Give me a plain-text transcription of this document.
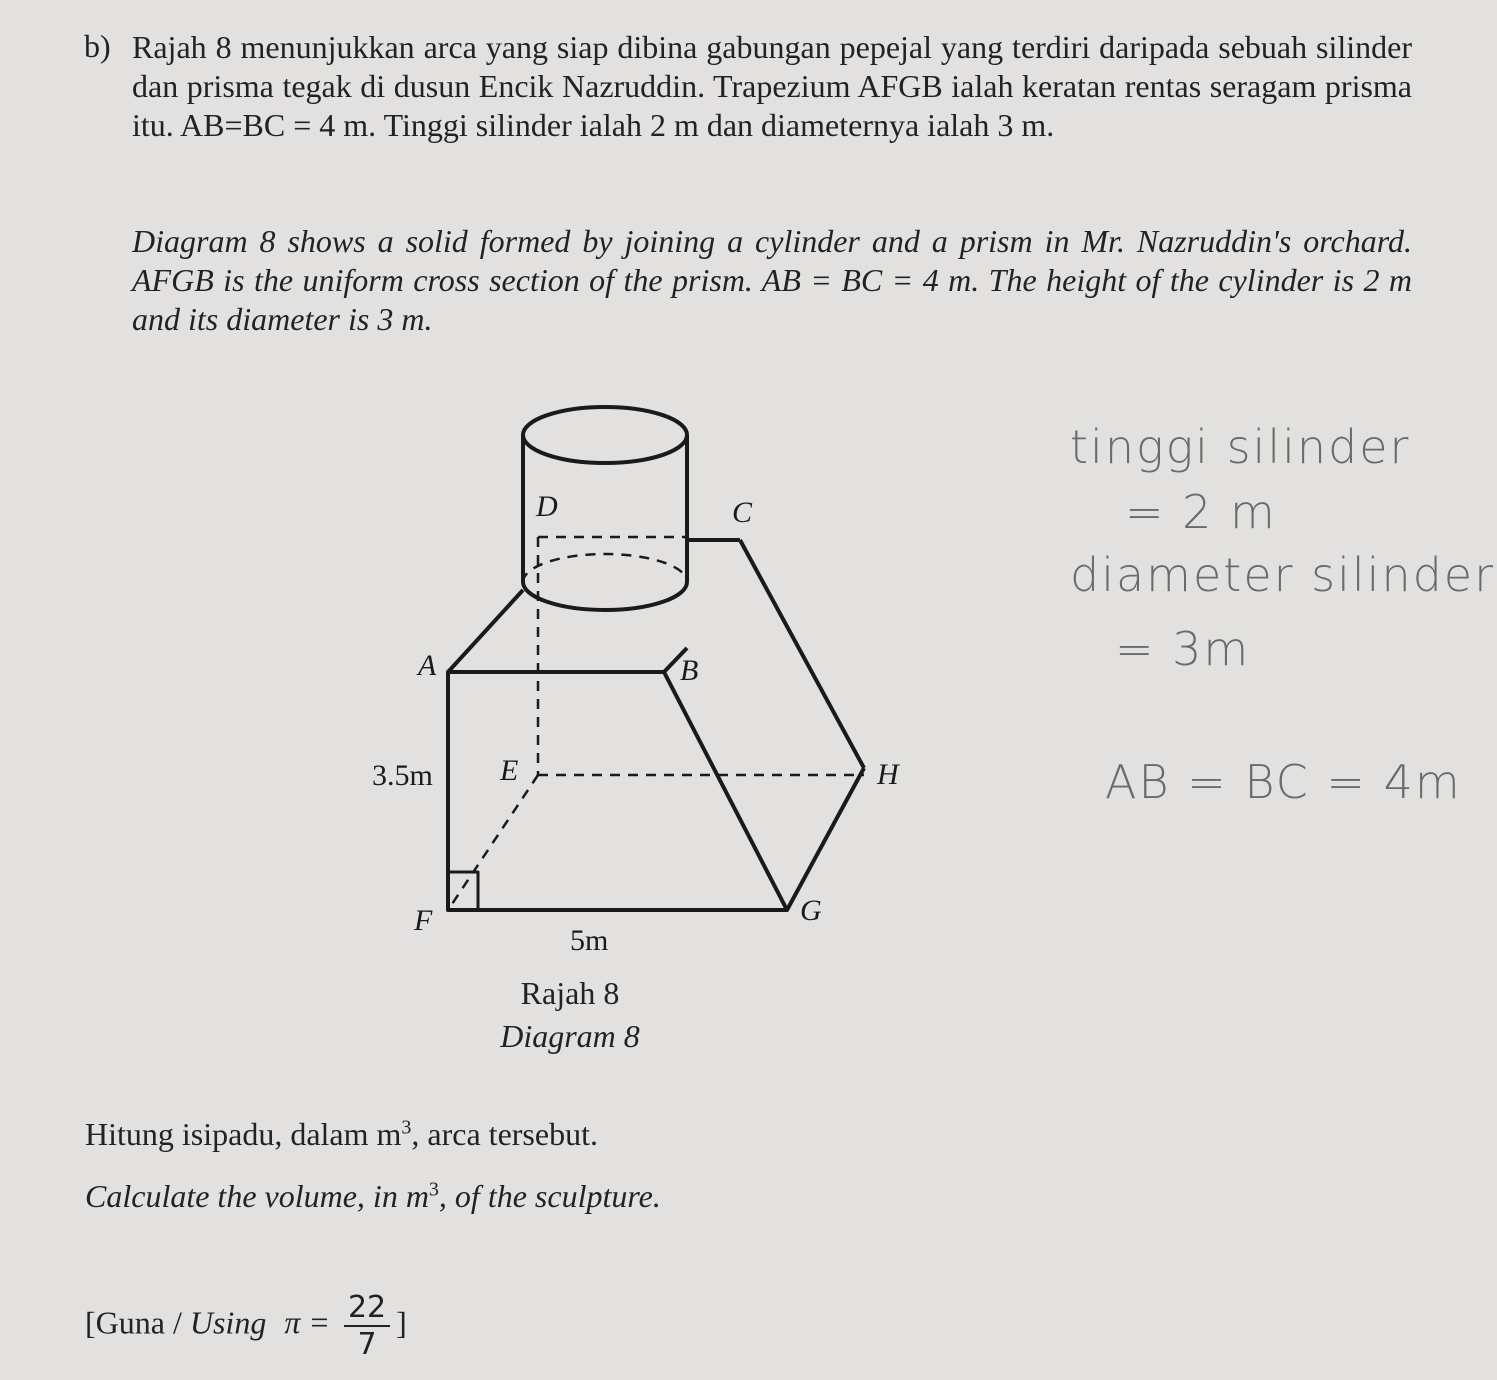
b) Rajah 8 menunjukkan arca yang siap dibina gabungan pepejal yang terdiri daripada sebuah silinder dan prisma tegak di dusun Encik Nazruddin. Trapezium AFGB ialah keratan rentas seragam prisma itu. AB=BC = 4 m. Tinggi silinder ialah 2 m dan diameternya ialah 3 m.
Diagram 8 shows a solid formed by joining a cylinder and a prism in Mr. Nazruddin's orchard. AFGB is the uniform cross section of the prism. AB = BC = 4 m. The height of the cylinder is 2 m and its diameter is 3 m.
D	C
A	B
E	H
F	G
3.5m
5m
Rajah 8
Diagram 8
Hitung isipadu, dalam $m^3$, arca tersebut.
Calculate the volume, in $m^3$, of the sculpture.
[Guna / Using $\pi = \frac{22}{7}$ ]
tinggi silinder
= 2 m
diameter silinder
= 3m
AB = BC = 4m
